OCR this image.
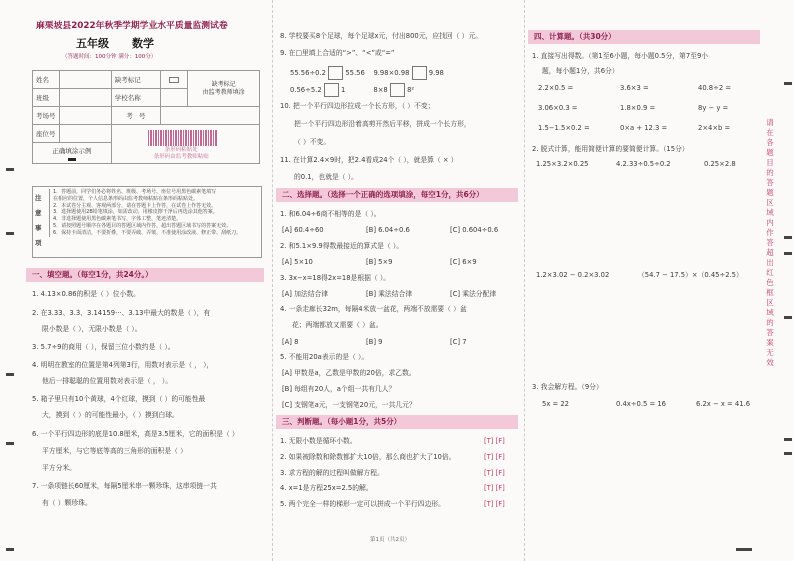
麻栗坡县2022年秋季学期学业水平质量监测试卷
五年级 数学
（答题时间：100分钟 满分：100分）
姓名		缺考标记		缺考标记
由监考教师填涂

班级		学校名称		
考场号		考 号		
座位号		条形码粘贴处
条形码由监考教师粘贴		

正确填涂示例				
注意事项
1．答题前，同学们务必将姓名、班级、考场号、座位号用黑色碳素笔填写
在相应的位置，个人信息条形码由监考教师粘贴在条形码粘贴处。
2．本试卷分主观、客观两部分，请在答题卡上作答，在试卷上作答无效。
3．选择题使用2B铅笔填涂，如需改动，用橡皮擦干净后再选涂其他答案。
4．非选择题使用黑色碳素笔书写，字体工整，笔迹清楚。
5．请按照题号顺序在各题目的答题区域内作答，超出答题区域书写的答案无效。
6．保持卡面清洁，不要折叠，不要弄破、弄皱，不准使用涂改液、修正带、刮纸刀。
一、填空题。（每空1分，共24分。）
1. 4.13×0.86的积是（ ）位小数。
2. 在3.33、3.3̇、3.14159···、3.13中最大的数是（ ），有
限小数是（ ），无限小数是（ ）。
3. 5.7÷9的商用（ ），保留三位小数约是（ ）。
4. 明明在教室的位置是第4列第3行，用数对表示是（ ， ），
他后一排聪聪的位置用数对表示是（ ， ）。
5. 箱子里只有10个黄球，4个红球，摸到（ ）的可能性最
大，摸到（ ）的可能性最小，（ ）摸到白球。
6. 一个平行四边形的底是10.8厘米，高是3.5厘米，它的面积是（ ）
平方厘米，与它等底等高的三角形的面积是（ ）
平方分米。
7. 一条项链长60厘米，每隔5厘米串一颗珍珠，这串项链一共
有（ ）颗珍珠。
8. 学校要买8个足球，每个足球x元，付出800元，应找回（ ）元。
9. 在□里填上合适的“>”、“<”或“=”
55.56÷0.2	55.56 9.98×0.98	9.98
0.56÷5.2	1	8×8	8²
10. 把一个平行四边形拉成一个长方形，（ ）不变；
把一个平行四边形沿着高剪开然后平移，拼成一个长方形，
（ ）不变。
11. 在计算2.4×9时，把2.4看成24个（ ），就是算（ × ）
的0.1，也就是（ ）。
二、选择题。（选择一个正确的选项填涂，每空1分，共6分）
1. 和6.04÷6商不相等的是（ ）。
[A] 60.4÷60	[B] 6.04÷0.6	[C] 0.604÷0.6
2. 和5.1×9.9得数最接近的算式是（ ）。
[A] 5×10	[B] 5×9	[C] 6×9
3. 3x−x=18得2x=18是根据（ ）。
[A] 加法结合律	[B] 乘法结合律	[C] 乘法分配律
4. 一条走廊长32m，每隔4米放一盆花，两端不放需要（ ）盆
花；两端都放又需要（ ）盆。
[A] 8	[B] 9	[C] 7
5. 不能用20a表示的是（ ）。
[A] 甲数是a，乙数是甲数的20倍，求乙数。
[B] 每组有20人，a个组一共有几人？
[C] 支钢笔a元，一支钢笔20元，一共几元？
三、判断题。（每小题1分，共5分）
1. 无限小数是循环小数。	[T] [F]
2. 如果被除数和除数都扩大10倍，那么商也扩大了10倍。	[T] [F]
3. 求方程的解的过程叫做解方程。	[T] [F]
4. x=1是方程25x=2.5的解。	[T] [F]
5. 两个完全一样的梯形一定可以拼成一个平行四边形。	[T] [F]
第1页（共2页）
四、计算题。（共30分）
1. 直接写出得数。（第1至6小题，每小题0.5分，第7至9小
题，每小题1分，共6分）
2.2×0.5 =	3.6×3 =	40.8÷2 =
3.06×0.3 =	1.8×0.9 =	8y − y =
1.5−1.5×0.2 =	0×a + 12.3 =	2×4×b =
2. 脱式计算，能用简便计算的要简便计算。（15分）
1.25×3.2×0.25	4.2.33÷0.5÷0.2	0.25×2.8
1.2×3.02 − 0.2×3.02	（54.7 − 17.5）×（0.45÷2.5）
3. 我会解方程。（9分）
5x = 22	0.4x÷0.5 = 16	6.2x − x = 41.6
请在各题目的答题区域内作答超出红色框区域的答案无效
